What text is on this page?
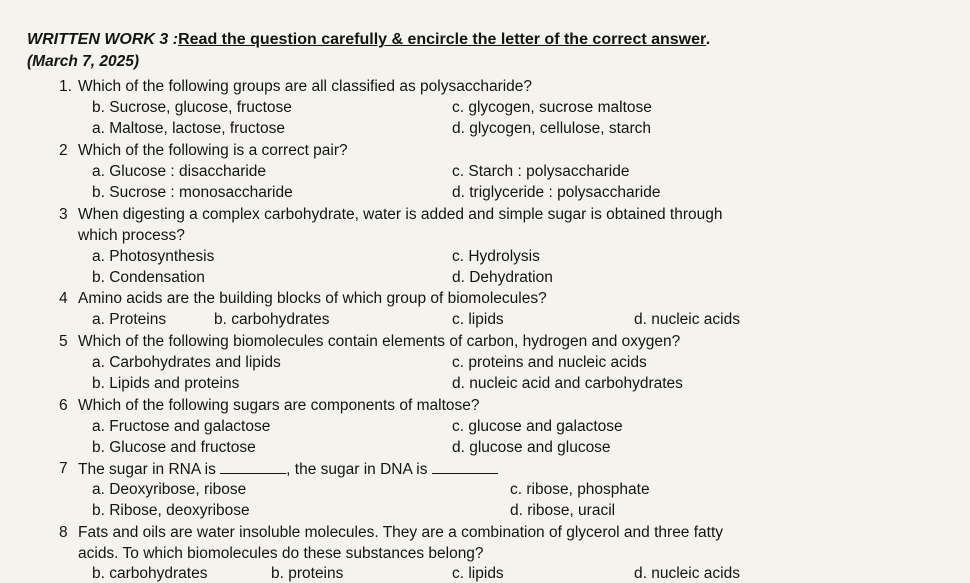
WRITTEN WORK 3 :Read the question carefully & encircle the letter of the correct answer.
(March 7, 2025)
1. Which of the following groups are all classified as polysaccharide?
b. Sucrose, glucose, fructose	c. glycogen, sucrose maltose
a. Maltose, lactose, fructose	d. glycogen, cellulose, starch
2 Which of the following is a correct pair?
a. Glucose : disaccharide	c. Starch : polysaccharide
b. Sucrose : monosaccharide	d. triglyceride : polysaccharide
3 When digesting a complex carbohydrate, water is added and simple sugar is obtained through
which process?
a. Photosynthesis	c. Hydrolysis
b. Condensation	d. Dehydration
4 Amino acids are the building blocks of which group of biomolecules?
a. Proteins	b. carbohydrates	c. lipids	d. nucleic acids
5 Which of the following biomolecules contain elements of carbon, hydrogen and oxygen?
a. Carbohydrates and lipids	c. proteins and nucleic acids
b. Lipids and proteins	d. nucleic acid and carbohydrates
6 Which of the following sugars are components of maltose?
a. Fructose and galactose	c. glucose and galactose
b. Glucose and fructose	d. glucose and glucose
7 The sugar in RNA is	, the sugar in DNA is
a. Deoxyribose, ribose	c. ribose, phosphate
b. Ribose, deoxyribose	d. ribose, uracil
8 Fats and oils are water insoluble molecules. They are a combination of glycerol and three fatty
acids. To which biomolecules do these substances belong?
b. carbohydrates	b. proteins	c. lipids	d. nucleic acids
